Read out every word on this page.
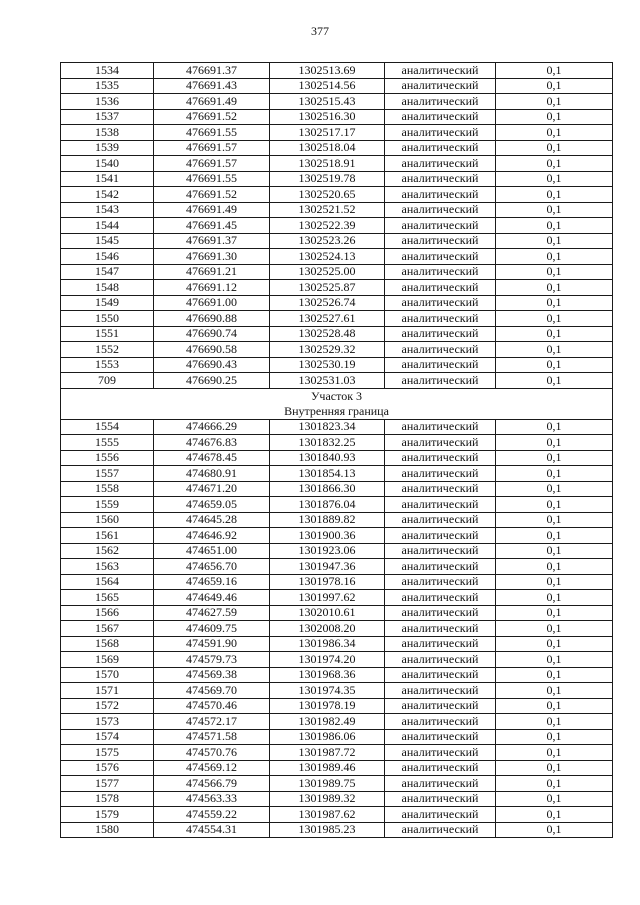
377
1534	476691.37	1302513.69	аналитический	0,1
1535	476691.43	1302514.56	аналитический	0,1
1536	476691.49	1302515.43	аналитический	0,1
1537	476691.52	1302516.30	аналитический	0,1
1538	476691.55	1302517.17	аналитический	0,1
1539	476691.57	1302518.04	аналитический	0,1
1540	476691.57	1302518.91	аналитический	0,1
1541	476691.55	1302519.78	аналитический	0,1
1542	476691.52	1302520.65	аналитический	0,1
1543	476691.49	1302521.52	аналитический	0,1
1544	476691.45	1302522.39	аналитический	0,1
1545	476691.37	1302523.26	аналитический	0,1
1546	476691.30	1302524.13	аналитический	0,1
1547	476691.21	1302525.00	аналитический	0,1
1548	476691.12	1302525.87	аналитический	0,1
1549	476691.00	1302526.74	аналитический	0,1
1550	476690.88	1302527.61	аналитический	0,1
1551	476690.74	1302528.48	аналитический	0,1
1552	476690.58	1302529.32	аналитический	0,1
1553	476690.43	1302530.19	аналитический	0,1
709	476690.25	1302531.03	аналитический	0,1

Участок 3
Внутренняя граница				

1554	474666.29	1301823.34	аналитический	0,1
1555	474676.83	1301832.25	аналитический	0,1
1556	474678.45	1301840.93	аналитический	0,1
1557	474680.91	1301854.13	аналитический	0,1
1558	474671.20	1301866.30	аналитический	0,1
1559	474659.05	1301876.04	аналитический	0,1
1560	474645.28	1301889.82	аналитический	0,1
1561	474646.92	1301900.36	аналитический	0,1
1562	474651.00	1301923.06	аналитический	0,1
1563	474656.70	1301947.36	аналитический	0,1
1564	474659.16	1301978.16	аналитический	0,1
1565	474649.46	1301997.62	аналитический	0,1
1566	474627.59	1302010.61	аналитический	0,1
1567	474609.75	1302008.20	аналитический	0,1
1568	474591.90	1301986.34	аналитический	0,1
1569	474579.73	1301974.20	аналитический	0,1
1570	474569.38	1301968.36	аналитический	0,1
1571	474569.70	1301974.35	аналитический	0,1
1572	474570.46	1301978.19	аналитический	0,1
1573	474572.17	1301982.49	аналитический	0,1
1574	474571.58	1301986.06	аналитический	0,1
1575	474570.76	1301987.72	аналитический	0,1
1576	474569.12	1301989.46	аналитический	0,1
1577	474566.79	1301989.75	аналитический	0,1
1578	474563.33	1301989.32	аналитический	0,1
1579	474559.22	1301987.62	аналитический	0,1
1580	474554.31	1301985.23	аналитический	0,1
